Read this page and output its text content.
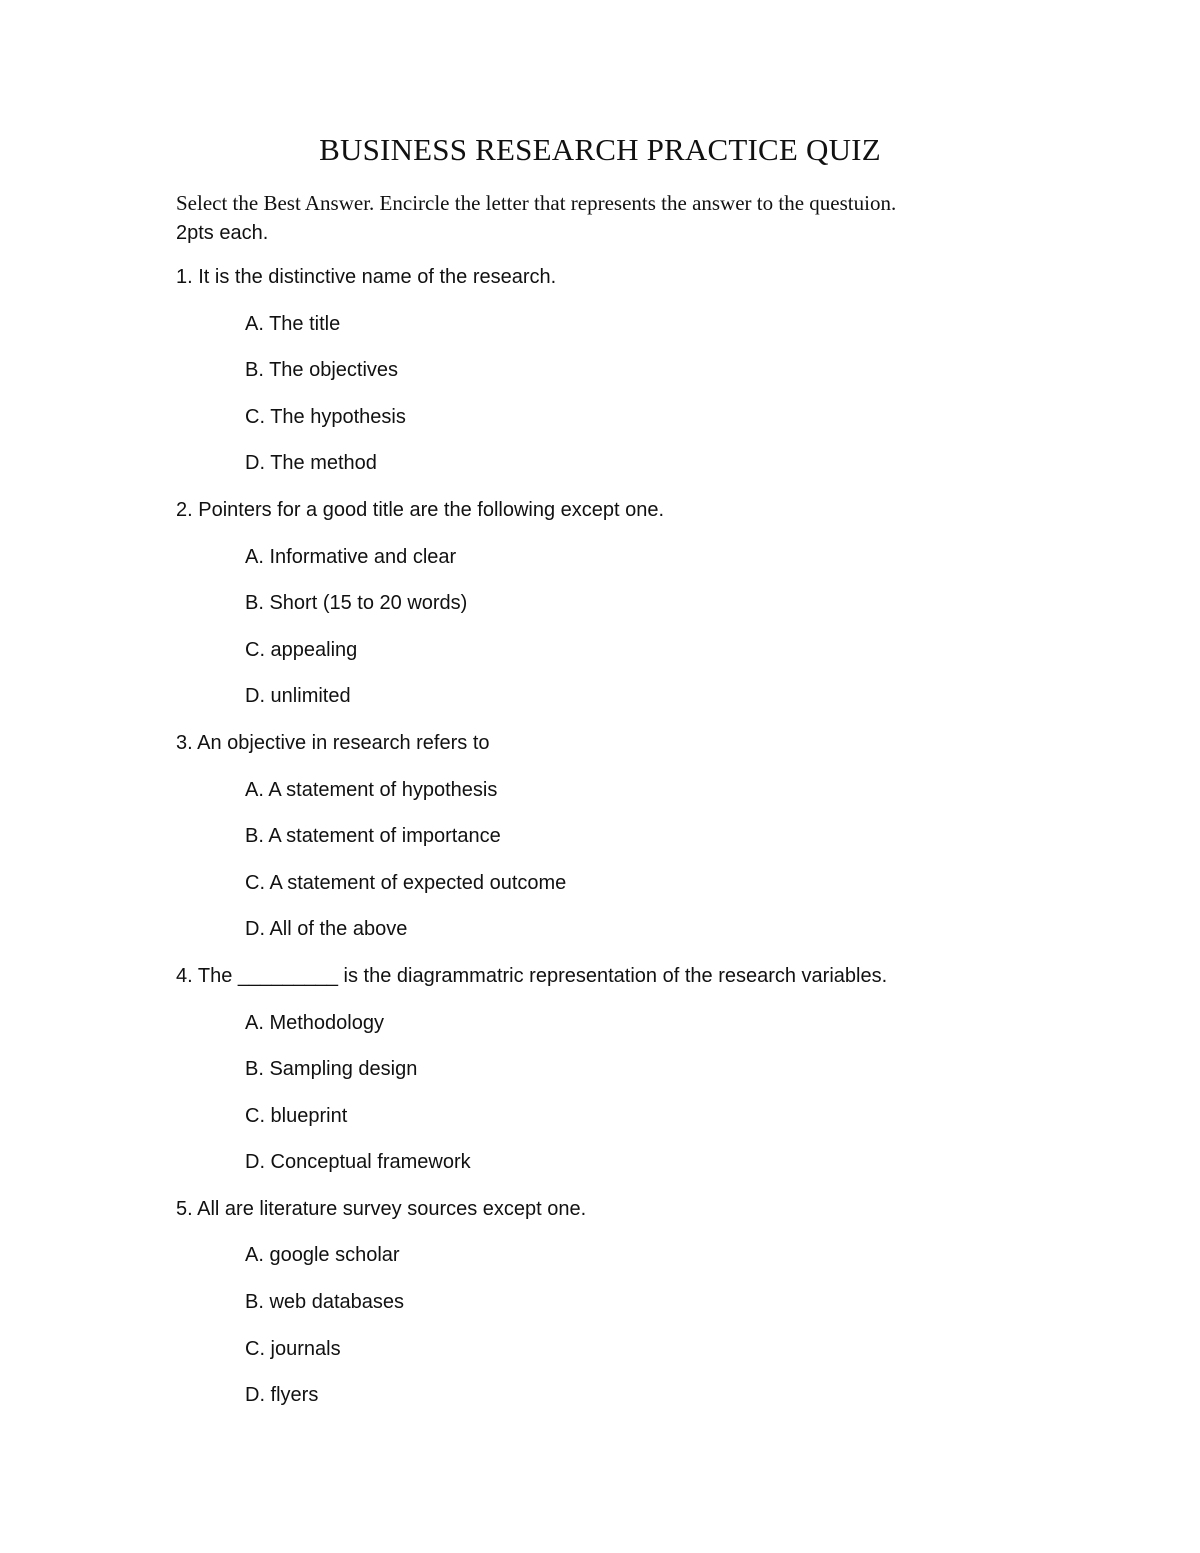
BUSINESS RESEARCH PRACTICE QUIZ
Select the Best Answer. Encircle the letter that represents the answer to the questuion.
2pts each.
1. It is the distinctive name of the research.
A. The title
B. The objectives
C. The hypothesis
D. The method
2. Pointers for a good title are the following except one.
A. Informative and clear
B. Short (15 to 20 words)
C. appealing
D. unlimited
3. An objective in research refers to
A. A statement of hypothesis
B. A statement of importance
C. A statement of expected outcome
D. All of the above
4. The _________ is the diagrammatric representation of the research variables.
A. Methodology
B. Sampling design
C. blueprint
D. Conceptual framework
5. All are literature survey sources except one.
A. google scholar
B. web databases
C. journals
D. flyers
